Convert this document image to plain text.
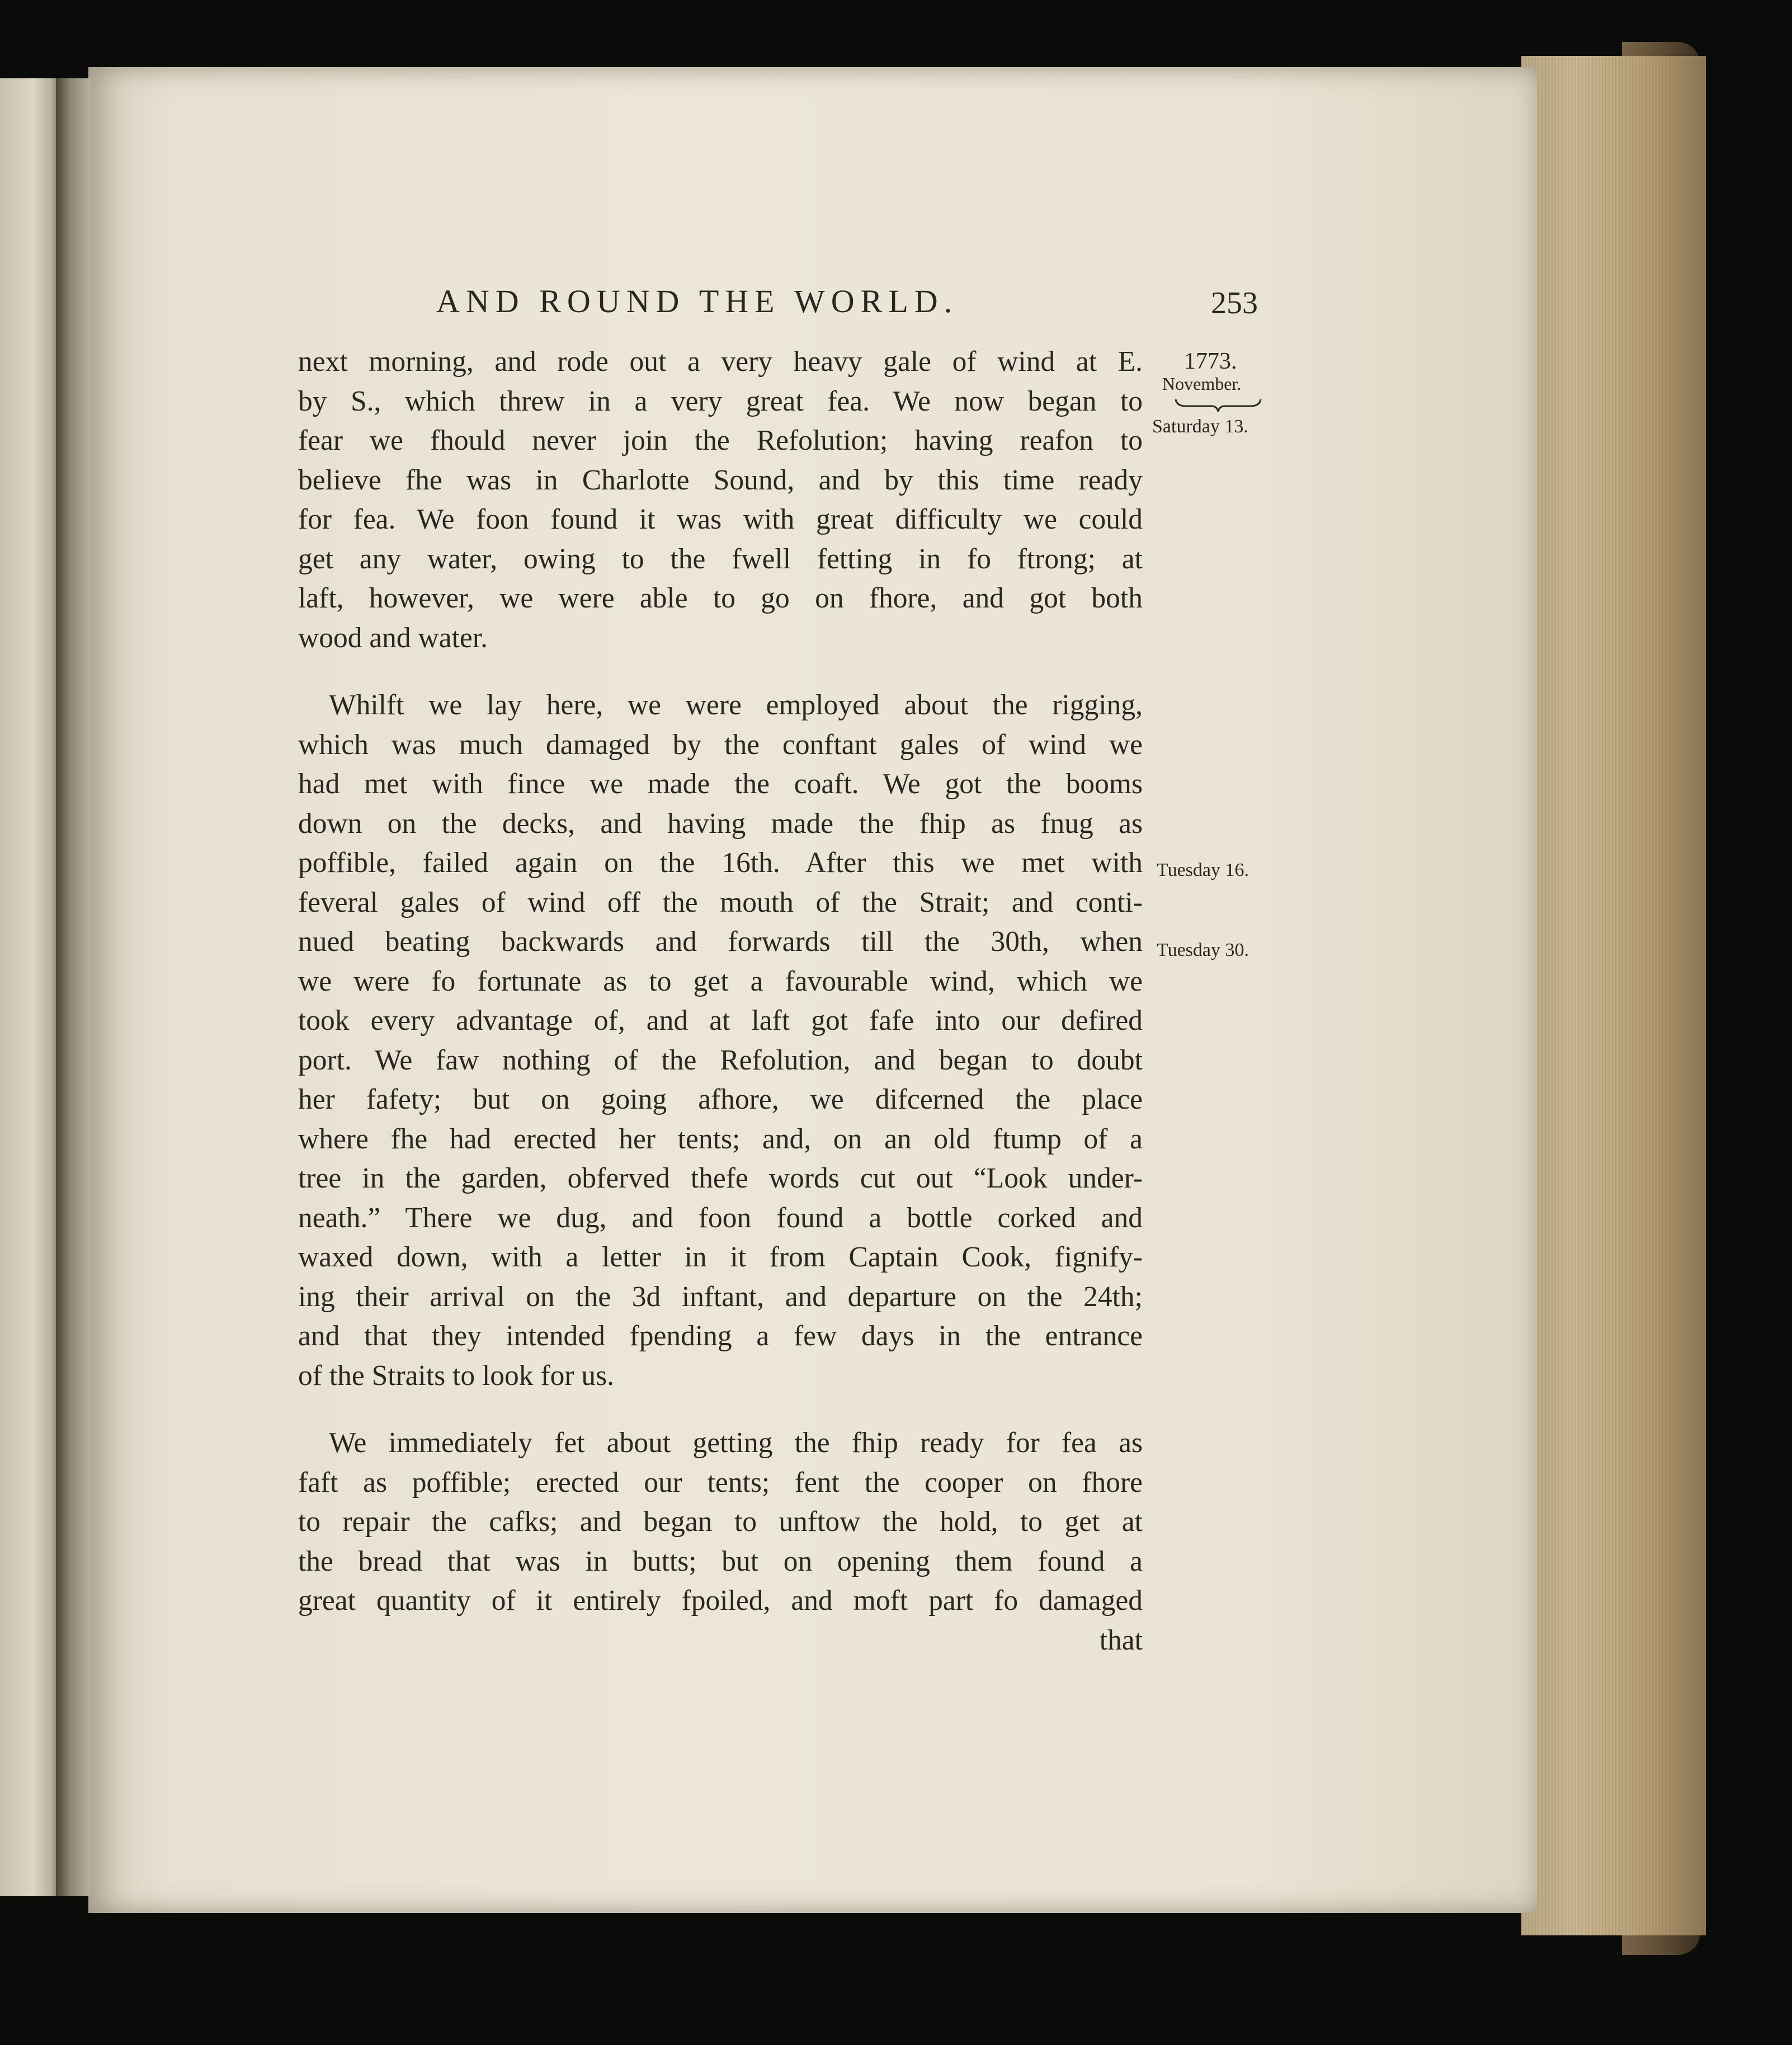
AND ROUND THE WORLD.	253
1773.
November.
Saturday 13.
Tuesday 16.
Tuesday 30.
next morning, and rode out a very heavy gale of wind at E.
by S., which threw in a very great fea. We now began to
fear we fhould never join the Refolution; having reafon to
believe fhe was in Charlotte Sound, and by this time ready
for fea. We foon found it was with great difficulty we could
get any water, owing to the fwell fetting in fo ftrong; at
laft, however, we were able to go on fhore, and got both
wood and water.
Whilft we lay here, we were employed about the rigging,
which was much damaged by the conftant gales of wind we
had met with fince we made the coaft. We got the booms
down on the decks, and having made the fhip as fnug as
poffible, failed again on the 16th. After this we met with
feveral gales of wind off the mouth of the Strait; and conti-
nued beating backwards and forwards till the 30th, when
we were fo fortunate as to get a favourable wind, which we
took every advantage of, and at laft got fafe into our defired
port. We faw nothing of the Refolution, and began to doubt
her fafety; but on going afhore, we difcerned the place
where fhe had erected her tents; and, on an old ftump of a
tree in the garden, obferved thefe words cut out “Look under-
neath.” There we dug, and foon found a bottle corked and
waxed down, with a letter in it from Captain Cook, fignify-
ing their arrival on the 3d inftant, and departure on the 24th;
and that they intended fpending a few days in the entrance
of the Straits to look for us.
We immediately fet about getting the fhip ready for fea as
faft as poffible; erected our tents; fent the cooper on fhore
to repair the cafks; and began to unftow the hold, to get at
the bread that was in butts; but on opening them found a
great quantity of it entirely fpoiled, and moft part fo damaged
that
